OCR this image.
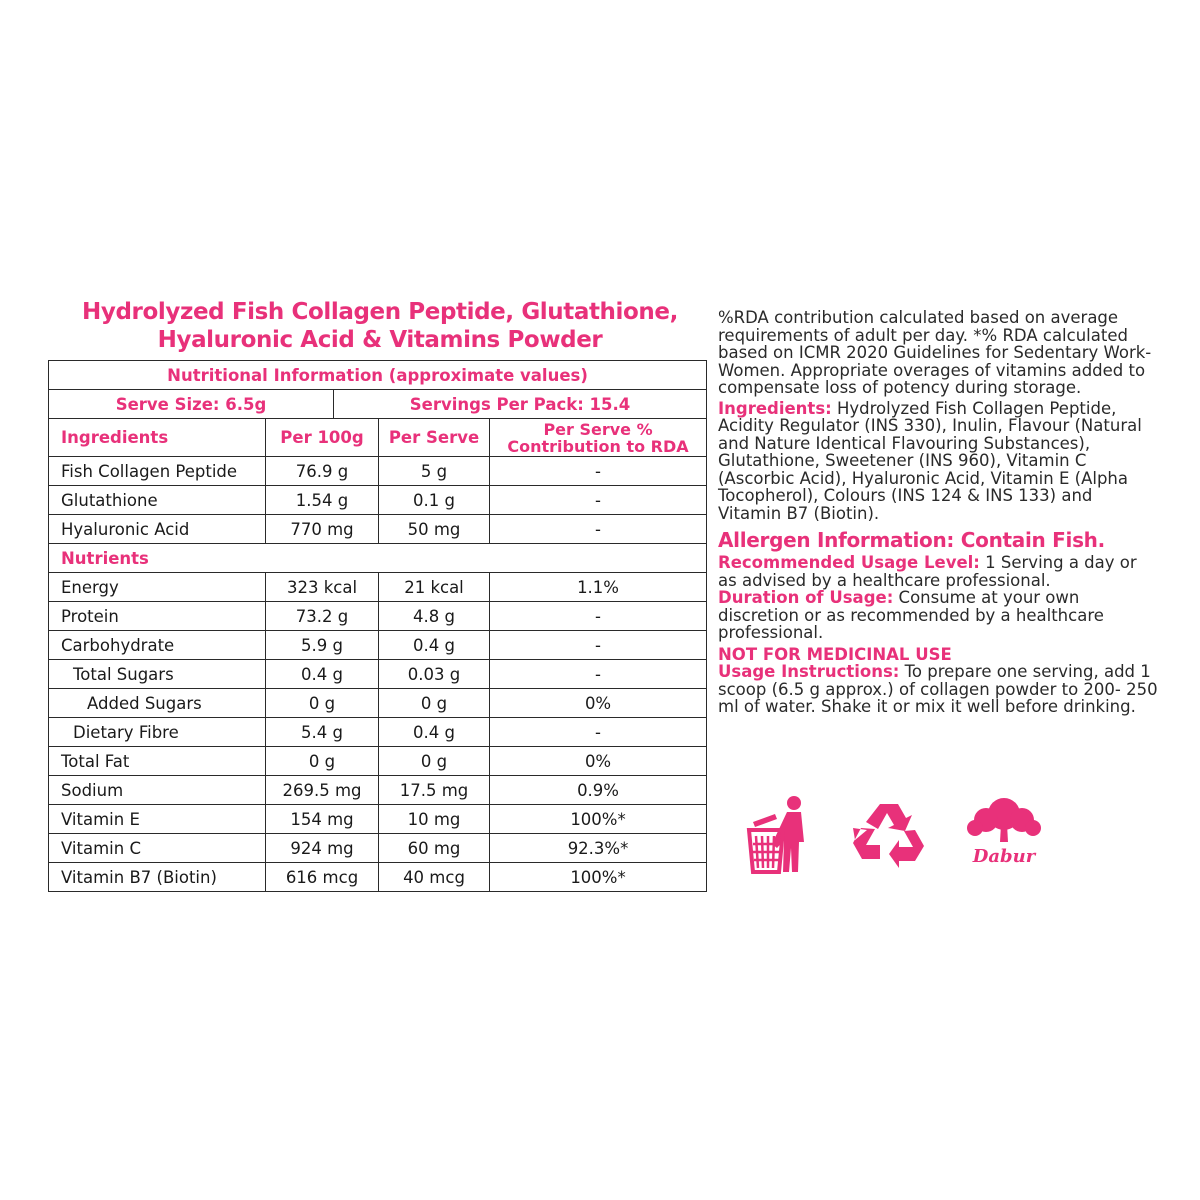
Hydrolyzed Fish Collagen Peptide, Glutathione,
Hyaluronic Acid & Vitamins Powder
Nutritional Information (approximate values)				
Serve Size: 6.5g		Servings Per Pack: 15.4		
Ingredients	Per 100g		Per Serve	Per Serve %
Contribution to RDA

Fish Collagen Peptide	76.9 g		5 g	-
Glutathione	1.54 g		0.1 g	-
Hyaluronic Acid	770 mg		50 mg	-
Nutrients				
Energy	323 kcal		21 kcal	1.1%
Protein	73.2 g		4.8 g	-
Carbohydrate	5.9 g		0.4 g	-
Total Sugars	0.4 g		0.03 g	-
Added Sugars	0 g		0 g	0%
Dietary Fibre	5.4 g		0.4 g	-
Total Fat	0 g		0 g	0%
Sodium	269.5 mg		17.5 mg	0.9%
Vitamin E	154 mg		10 mg	100%*
Vitamin C	924 mg		60 mg	92.3%*
Vitamin B7 (Biotin)	616 mcg		40 mcg	100%*

%RDA contribution calculated based on average requirements of adult per day. *% RDA calculated based on ICMR 2020 Guidelines for Sedentary Work-Women. Appropriate overages of vitamins added to compensate loss of potency during storage.

Ingredients: Hydrolyzed Fish Collagen Peptide, Acidity Regulator (INS 330), Inulin, Flavour (Natural and Nature Identical Flavouring Substances), Glutathione, Sweetener (INS 960), Vitamin C (Ascorbic Acid), Hyaluronic Acid, Vitamin E (Alpha Tocopherol), Colours (INS 124 & INS 133) and Vitamin B7 (Biotin).

Allergen Information: Contain Fish.

Recommended Usage Level: 1 Serving a day or as advised by a healthcare professional.

Duration of Usage: Consume at your own discretion or as recommended by a healthcare professional.

NOT FOR MEDICINAL USE

Usage Instructions: To prepare one serving, add 1 scoop (6.5 g approx.) of collagen powder to 200- 250 ml of water. Shake it or mix it well before drinking.

Dabur
